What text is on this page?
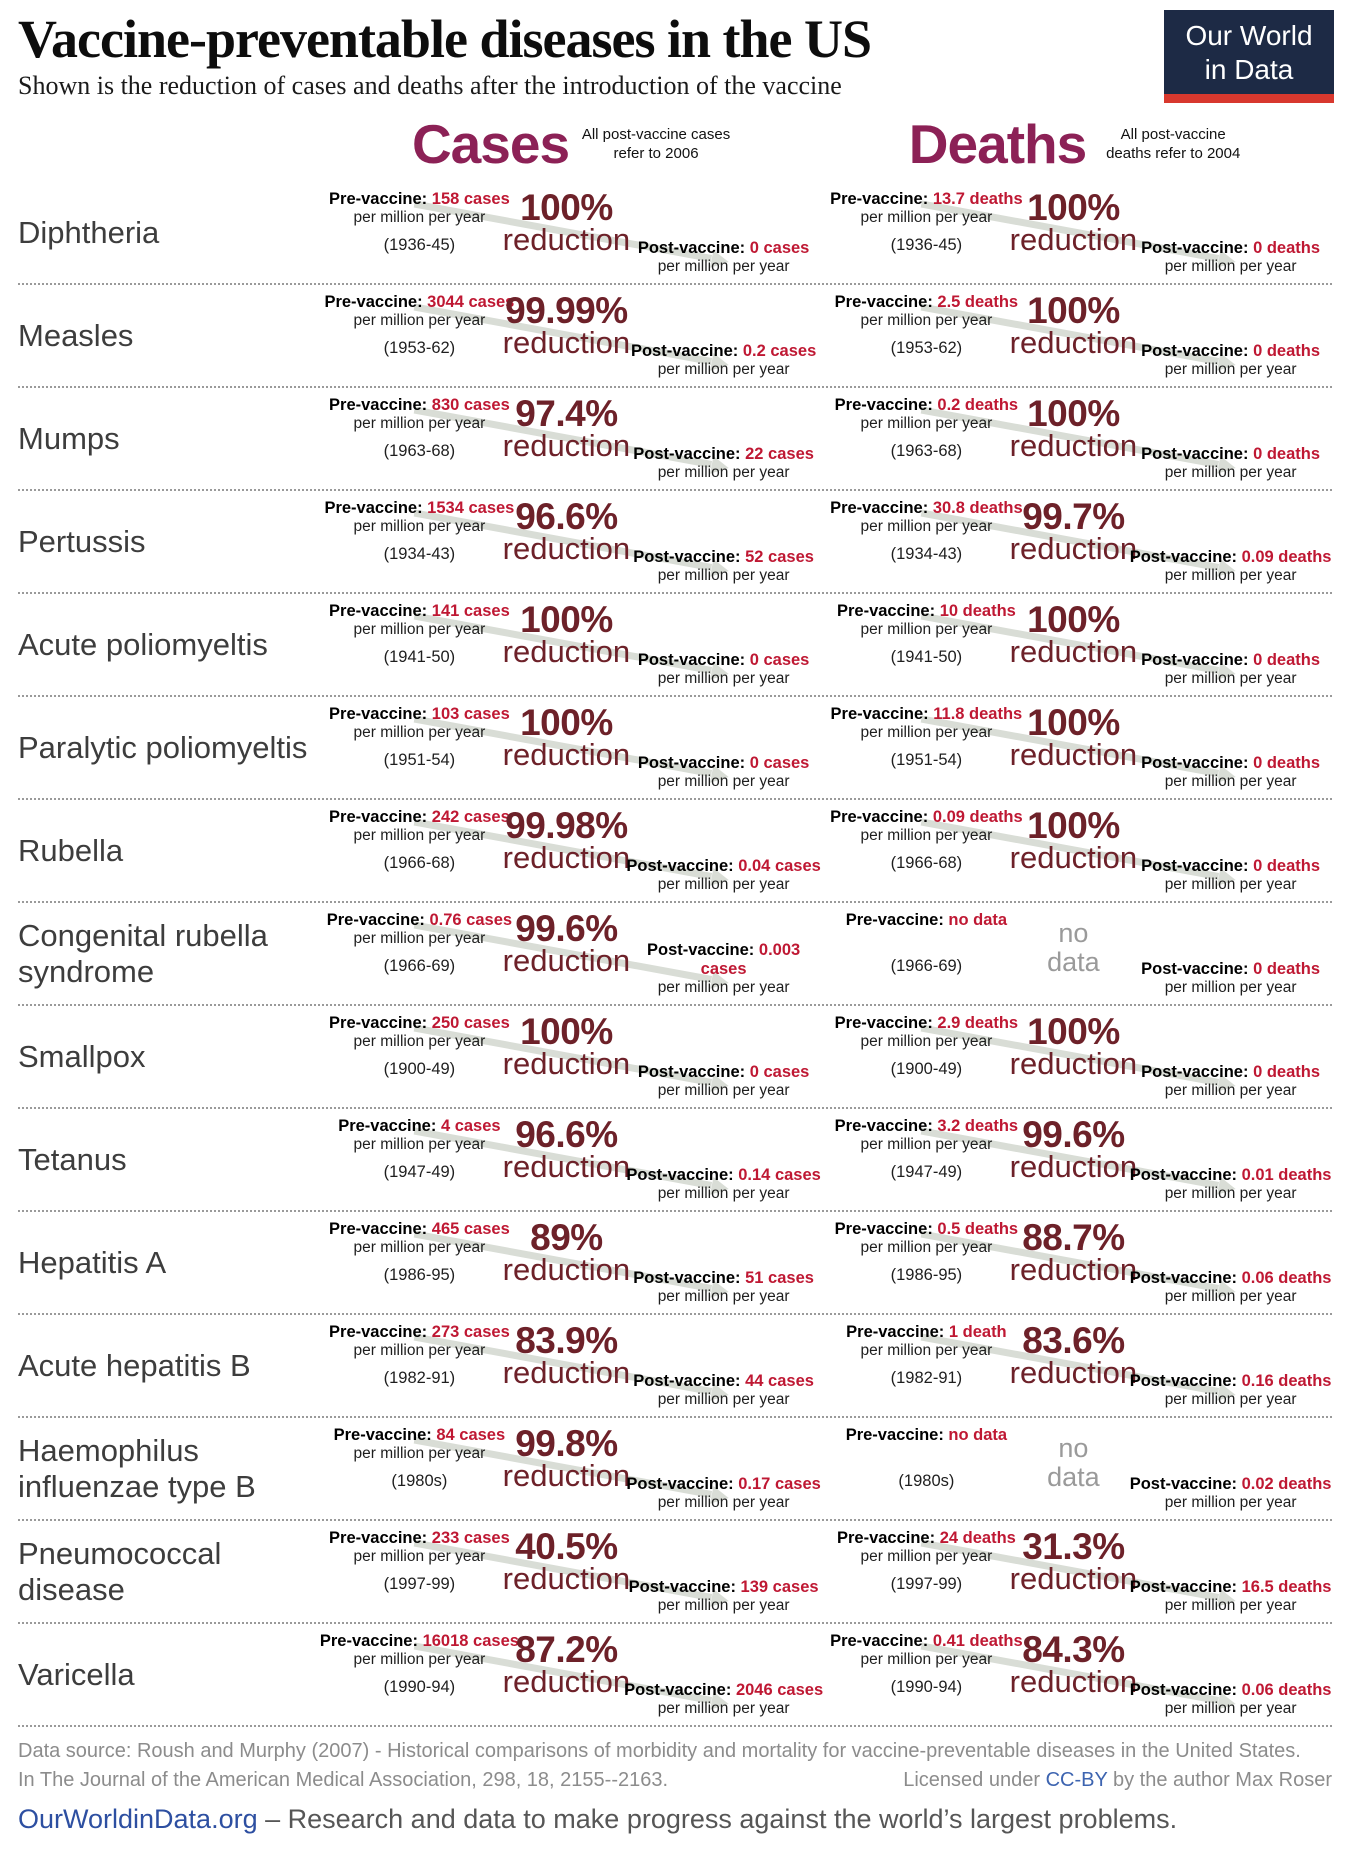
Vaccine-preventable diseases in the US
Shown is the reduction of cases and deaths after the introduction of the vaccine
Our World
in Data
Cases All post-vaccine cases refer to 2006	Deaths	All post-vaccine deaths refer to 2004
Diphtheria
Pre-vaccine: 158 cases
per million per year
(1936-45)
100%
reduction Post-vaccine: 0 cases
per million per year
Pre-vaccine: 13.7 deaths
per million per year
(1936-45)
100%
reduction Post-vaccine: 0 deaths
per million per year
Measles
Pre-vaccine: 3044 cases
per million per year
(1953-62)
99.99%
reduction Post-vaccine: 0.2 cases
per million per year
Pre-vaccine: 2.5 deaths
per million per year
(1953-62)
100%
reduction Post-vaccine: 0 deaths
per million per year
Mumps
Pre-vaccine: 830 cases
per million per year
(1963-68)
97.4%
reduction Post-vaccine: 22 cases
per million per year
Pre-vaccine: 0.2 deaths
per million per year
(1963-68)
100%
reduction Post-vaccine: 0 deaths
per million per year
Pertussis
Pre-vaccine: 1534 cases
per million per year
(1934-43)
96.6%
reduction Post-vaccine: 52 cases
per million per year
Pre-vaccine: 30.8 deaths
per million per year
(1934-43)
99.7%
reduction
Post-vaccine: 0.09 deaths
per million per year
Acute poliomyeltis
Pre-vaccine: 141 cases
per million per year
(1941-50)
100%
reduction Post-vaccine: 0 cases
per million per year
Pre-vaccine: 10 deaths
per million per year
(1941-50)
100%
reduction Post-vaccine: 0 deaths
per million per year
Paralytic poliomyeltis
Pre-vaccine: 103 cases
per million per year
(1951-54)
100%
reduction Post-vaccine: 0 cases
per million per year
Pre-vaccine: 11.8 deaths
per million per year
(1951-54)
100%
reduction Post-vaccine: 0 deaths
per million per year
Rubella
Pre-vaccine: 242 cases
per million per year
(1966-68)
99.98%
reduction
Post-vaccine: 0.04 cases
per million per year
Pre-vaccine: 0.09 deaths
per million per year
(1966-68)
100%
reduction Post-vaccine: 0 deaths
per million per year
Congenital rubella syndrome
Pre-vaccine: 0.76 cases
per million per year
(1966-69)
99.6%
reduction	Post-vaccine: 0.003 cases
per million per year
Pre-vaccine: no data
(1966-69)
no
data	Post-vaccine: 0 deaths
per million per year
Smallpox
Pre-vaccine: 250 cases
per million per year
(1900-49)
100%
reduction Post-vaccine: 0 cases
per million per year
Pre-vaccine: 2.9 deaths
per million per year
(1900-49)
100%
reduction Post-vaccine: 0 deaths
per million per year
Tetanus
Pre-vaccine: 4 cases
per million per year
(1947-49)
96.6%
reduction
Post-vaccine: 0.14 cases
per million per year
Pre-vaccine: 3.2 deaths
per million per year
(1947-49)
99.6%
reduction
Post-vaccine: 0.01 deaths
per million per year
Hepatitis A
Pre-vaccine: 465 cases
per million per year
(1986-95)
89%
reduction Post-vaccine: 51 cases
per million per year
Pre-vaccine: 0.5 deaths
per million per year
(1986-95)
88.7%
reduction
Post-vaccine: 0.06 deaths
per million per year
Acute hepatitis B
Pre-vaccine: 273 cases
per million per year
(1982-91)
83.9%
reduction Post-vaccine: 44 cases
per million per year
Pre-vaccine: 1 death
per million per year
(1982-91)
83.6%
reduction
Post-vaccine: 0.16 deaths
per million per year
Haemophilus influenzae type B
Pre-vaccine: 84 cases
per million per year
(1980s)
99.8%
reduction
Post-vaccine: 0.17 cases
per million per year
Pre-vaccine: no data
(1980s)
no
data	Post-vaccine: 0.02 deaths
per million per year
Pneumococcal disease
Pre-vaccine: 233 cases
per million per year
(1997-99)
40.5%
reduction
Post-vaccine: 139 cases
per million per year
Pre-vaccine: 24 deaths
per million per year
(1997-99)
31.3%
reduction
Post-vaccine: 16.5 deaths
per million per year
Varicella
Pre-vaccine: 16018 cases
per million per year
(1990-94)
87.2%
reduction
Post-vaccine: 2046 cases
per million per year
Pre-vaccine: 0.41 deaths
per million per year
(1990-94)
84.3%
reduction
Post-vaccine: 0.06 deaths
per million per year
Data source: Roush and Murphy (2007) - Historical comparisons of morbidity and mortality for vaccine-preventable diseases in the United States.
In The Journal of the American Medical Association, 298, 18, 2155--2163.	Licensed under CC-BY by the author Max Roser
OurWorldinData.org – Research and data to make progress against the world’s largest problems.
